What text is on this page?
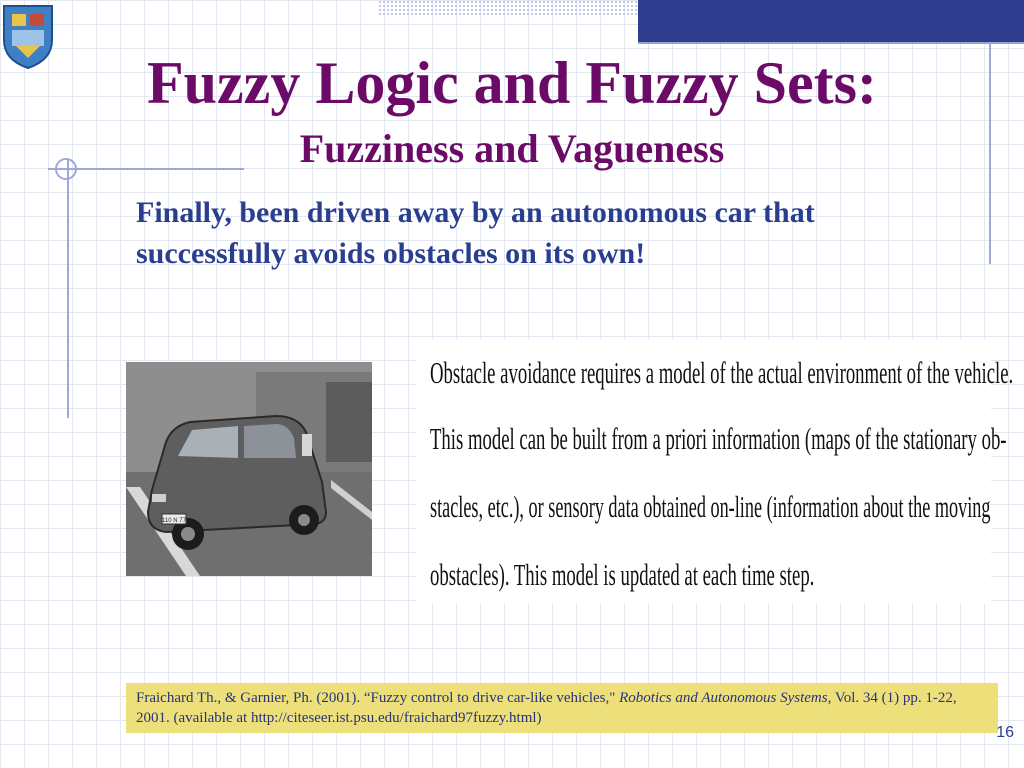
Fuzzy Logic and Fuzzy Sets:
Fuzziness and Vagueness

Finally, been driven away by an autonomous car that successfully avoids obstacles on its own!

110 N 77

Obstacle avoidance requires a model of the actual environment of the vehicle.

This model can be built from a priori information (maps of the stationary ob-

stacles, etc.), or sensory data obtained on-line (information about the moving

obstacles). This model is updated at each time step.

Fraichard Th., & Garnier, Ph. (2001). “Fuzzy control to drive car-like vehicles," Robotics and Autonomous Systems, Vol. 34 (1) pp. 1-22, 2001. (available at http://citeseer.ist.psu.edu/fraichard97fuzzy.html)
16
